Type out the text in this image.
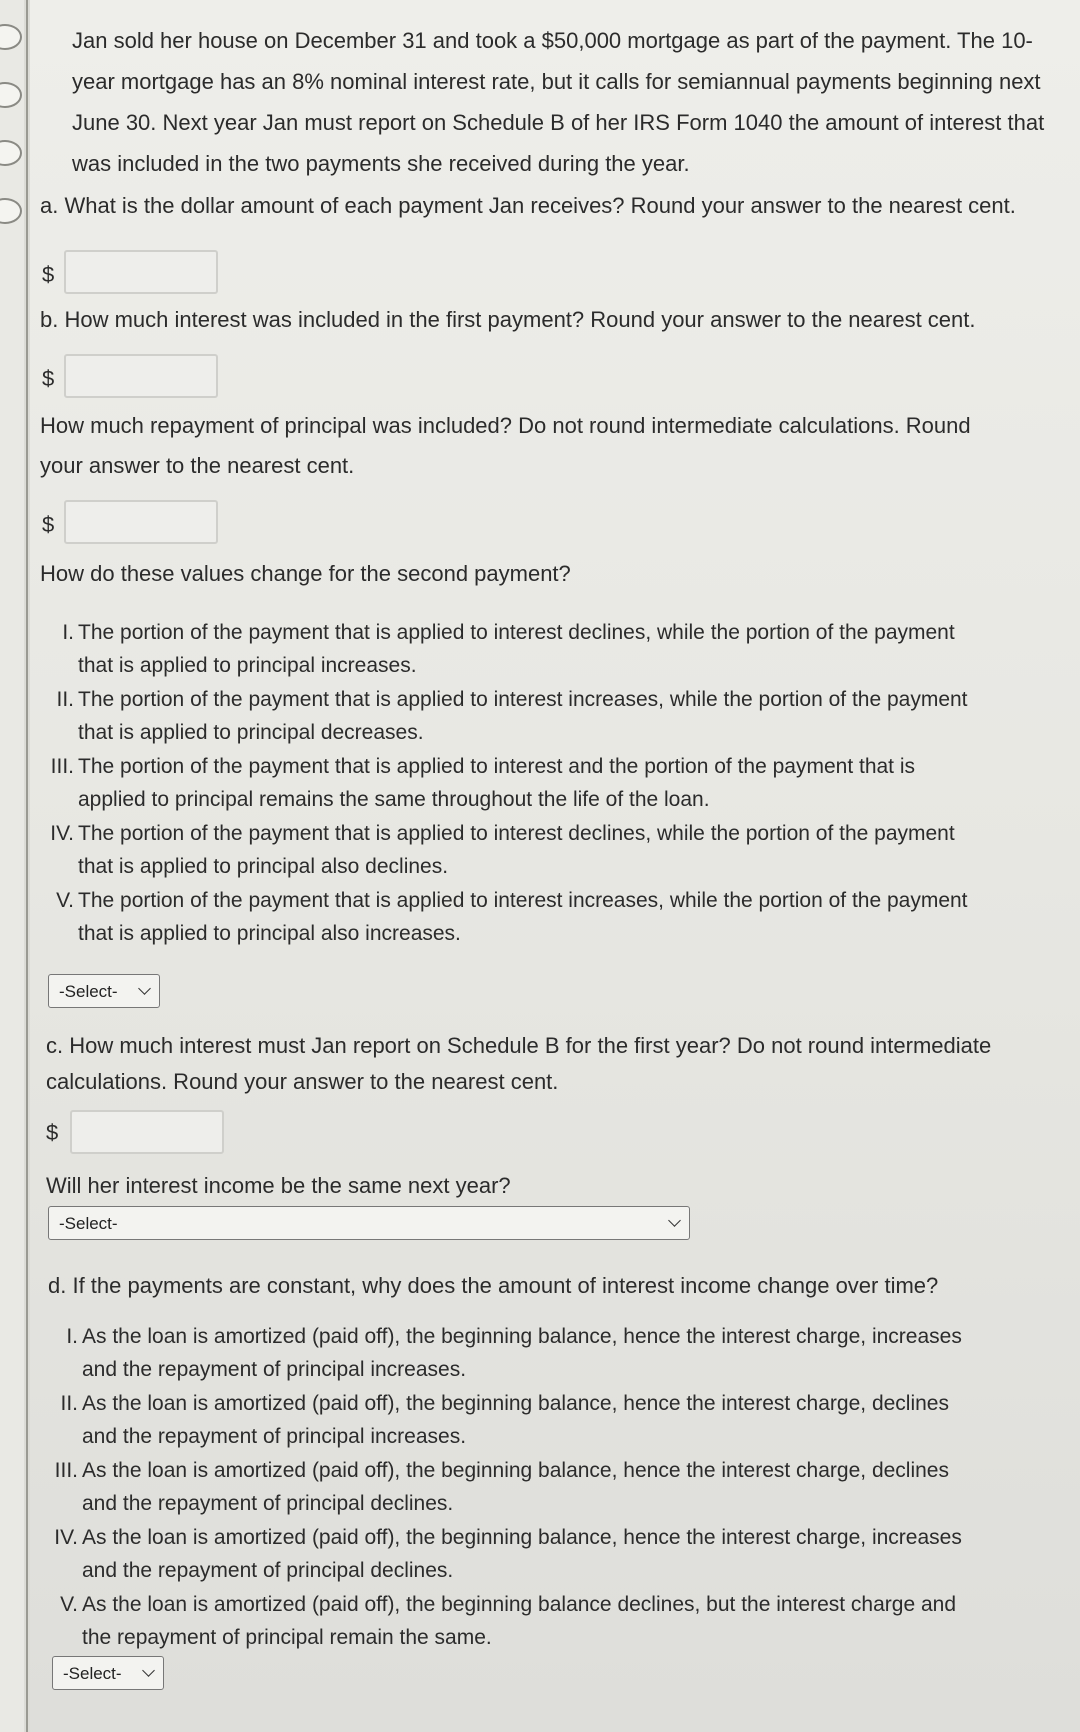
Jan sold her house on December 31 and took a $50,000 mortgage as part of the payment. The 10-
year mortgage has an 8% nominal interest rate, but it calls for semiannual payments beginning next
June 30. Next year Jan must report on Schedule B of her IRS Form 1040 the amount of interest that
was included in the two payments she received during the year.
a. What is the dollar amount of each payment Jan receives? Round your answer to the nearest cent.
$
b. How much interest was included in the first payment? Round your answer to the nearest cent.
$
How much repayment of principal was included? Do not round intermediate calculations. Round
your answer to the nearest cent.
$
How do these values change for the second payment?
I. The portion of the payment that is applied to interest declines, while the portion of the payment
that is applied to principal increases.
II. The portion of the payment that is applied to interest increases, while the portion of the payment
that is applied to principal decreases.
III. The portion of the payment that is applied to interest and the portion of the payment that is
applied to principal remains the same throughout the life of the loan.
IV. The portion of the payment that is applied to interest declines, while the portion of the payment
that is applied to principal also declines.
V. The portion of the payment that is applied to interest increases, while the portion of the payment
that is applied to principal also increases.
-Select-
c. How much interest must Jan report on Schedule B for the first year? Do not round intermediate
calculations. Round your answer to the nearest cent.
$
Will her interest income be the same next year?
-Select-
d. If the payments are constant, why does the amount of interest income change over time?
I. As the loan is amortized (paid off), the beginning balance, hence the interest charge, increases
and the repayment of principal increases.
II. As the loan is amortized (paid off), the beginning balance, hence the interest charge, declines
and the repayment of principal increases.
III. As the loan is amortized (paid off), the beginning balance, hence the interest charge, declines
and the repayment of principal declines.
IV. As the loan is amortized (paid off), the beginning balance, hence the interest charge, increases
and the repayment of principal declines.
V. As the loan is amortized (paid off), the beginning balance declines, but the interest charge and
the repayment of principal remain the same.
-Select-
